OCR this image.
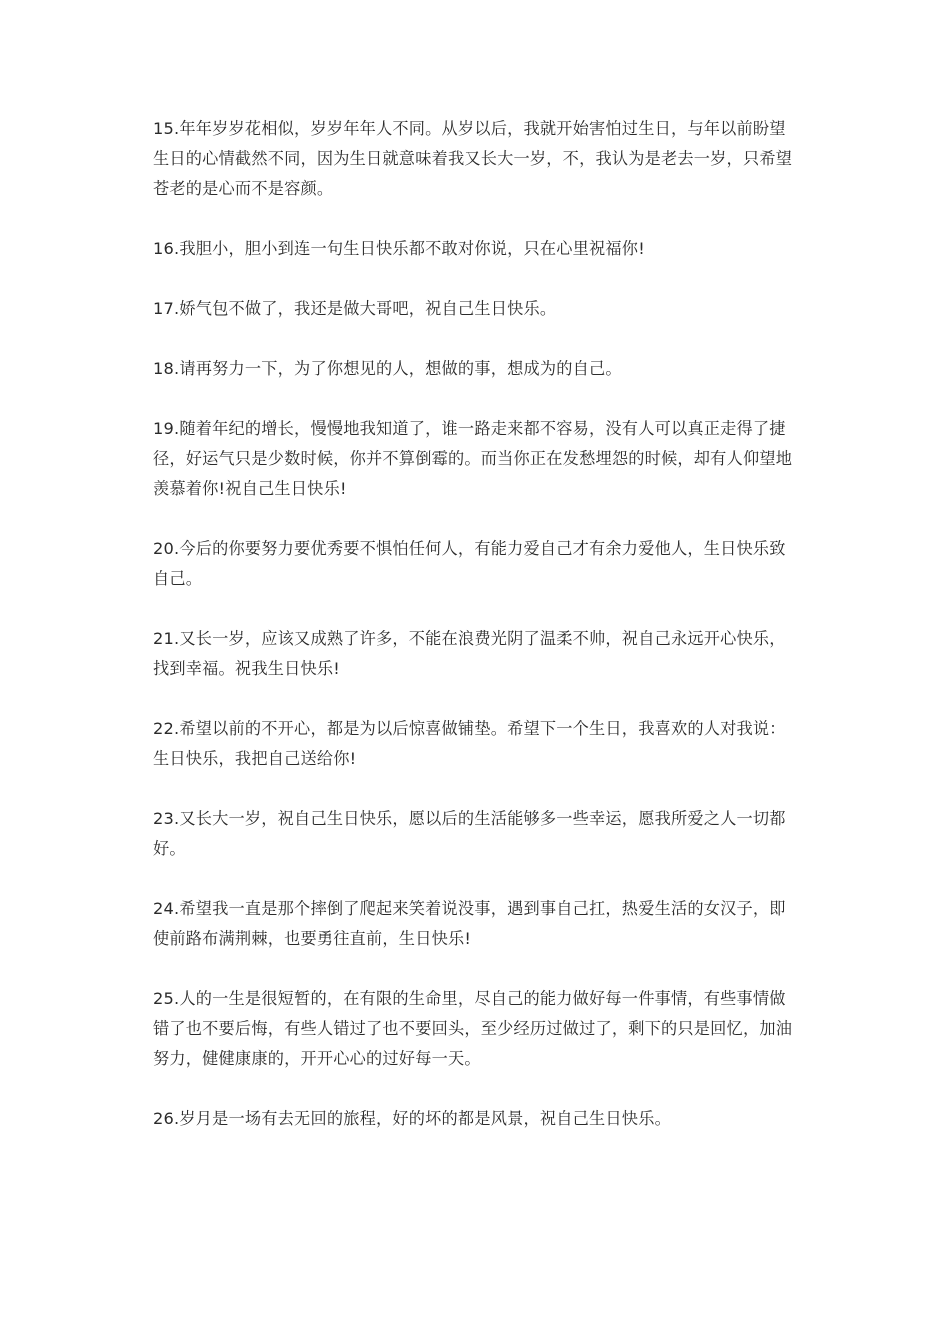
15.年年岁岁花相似，岁岁年年人不同。从岁以后，我就开始害怕过生日，与年以前盼望生日的心情截然不同，因为生日就意味着我又长大一岁，不，我认为是老去一岁，只希望苍老的是心而不是容颜。

16.我胆小，胆小到连一句生日快乐都不敢对你说，只在心里祝福你!

17.娇气包不做了，我还是做大哥吧，祝自己生日快乐。

18.请再努力一下，为了你想见的人，想做的事，想成为的自己。

19.随着年纪的增长，慢慢地我知道了，谁一路走来都不容易，没有人可以真正走得了捷径，好运气只是少数时候，你并不算倒霉的。而当你正在发愁埋怨的时候，却有人仰望地羡慕着你!祝自己生日快乐!

20.今后的你要努力要优秀要不惧怕任何人，有能力爱自己才有余力爱他人，生日快乐致自己。

21.又长一岁，应该又成熟了许多，不能在浪费光阴了温柔不帅，祝自己永远开心快乐，找到幸福。祝我生日快乐!

22.希望以前的不开心，都是为以后惊喜做铺垫。希望下一个生日，我喜欢的人对我说：生日快乐，我把自己送给你!

23.又长大一岁，祝自己生日快乐，愿以后的生活能够多一些幸运，愿我所爱之人一切都好。

24.希望我一直是那个摔倒了爬起来笑着说没事，遇到事自己扛，热爱生活的女汉子，即使前路布满荆棘，也要勇往直前，生日快乐!

25.人的一生是很短暂的，在有限的生命里，尽自己的能力做好每一件事情，有些事情做错了也不要后悔，有些人错过了也不要回头，至少经历过做过了，剩下的只是回忆，加油努力，健健康康的，开开心心的过好每一天。

26.岁月是一场有去无回的旅程，好的坏的都是风景，祝自己生日快乐。
